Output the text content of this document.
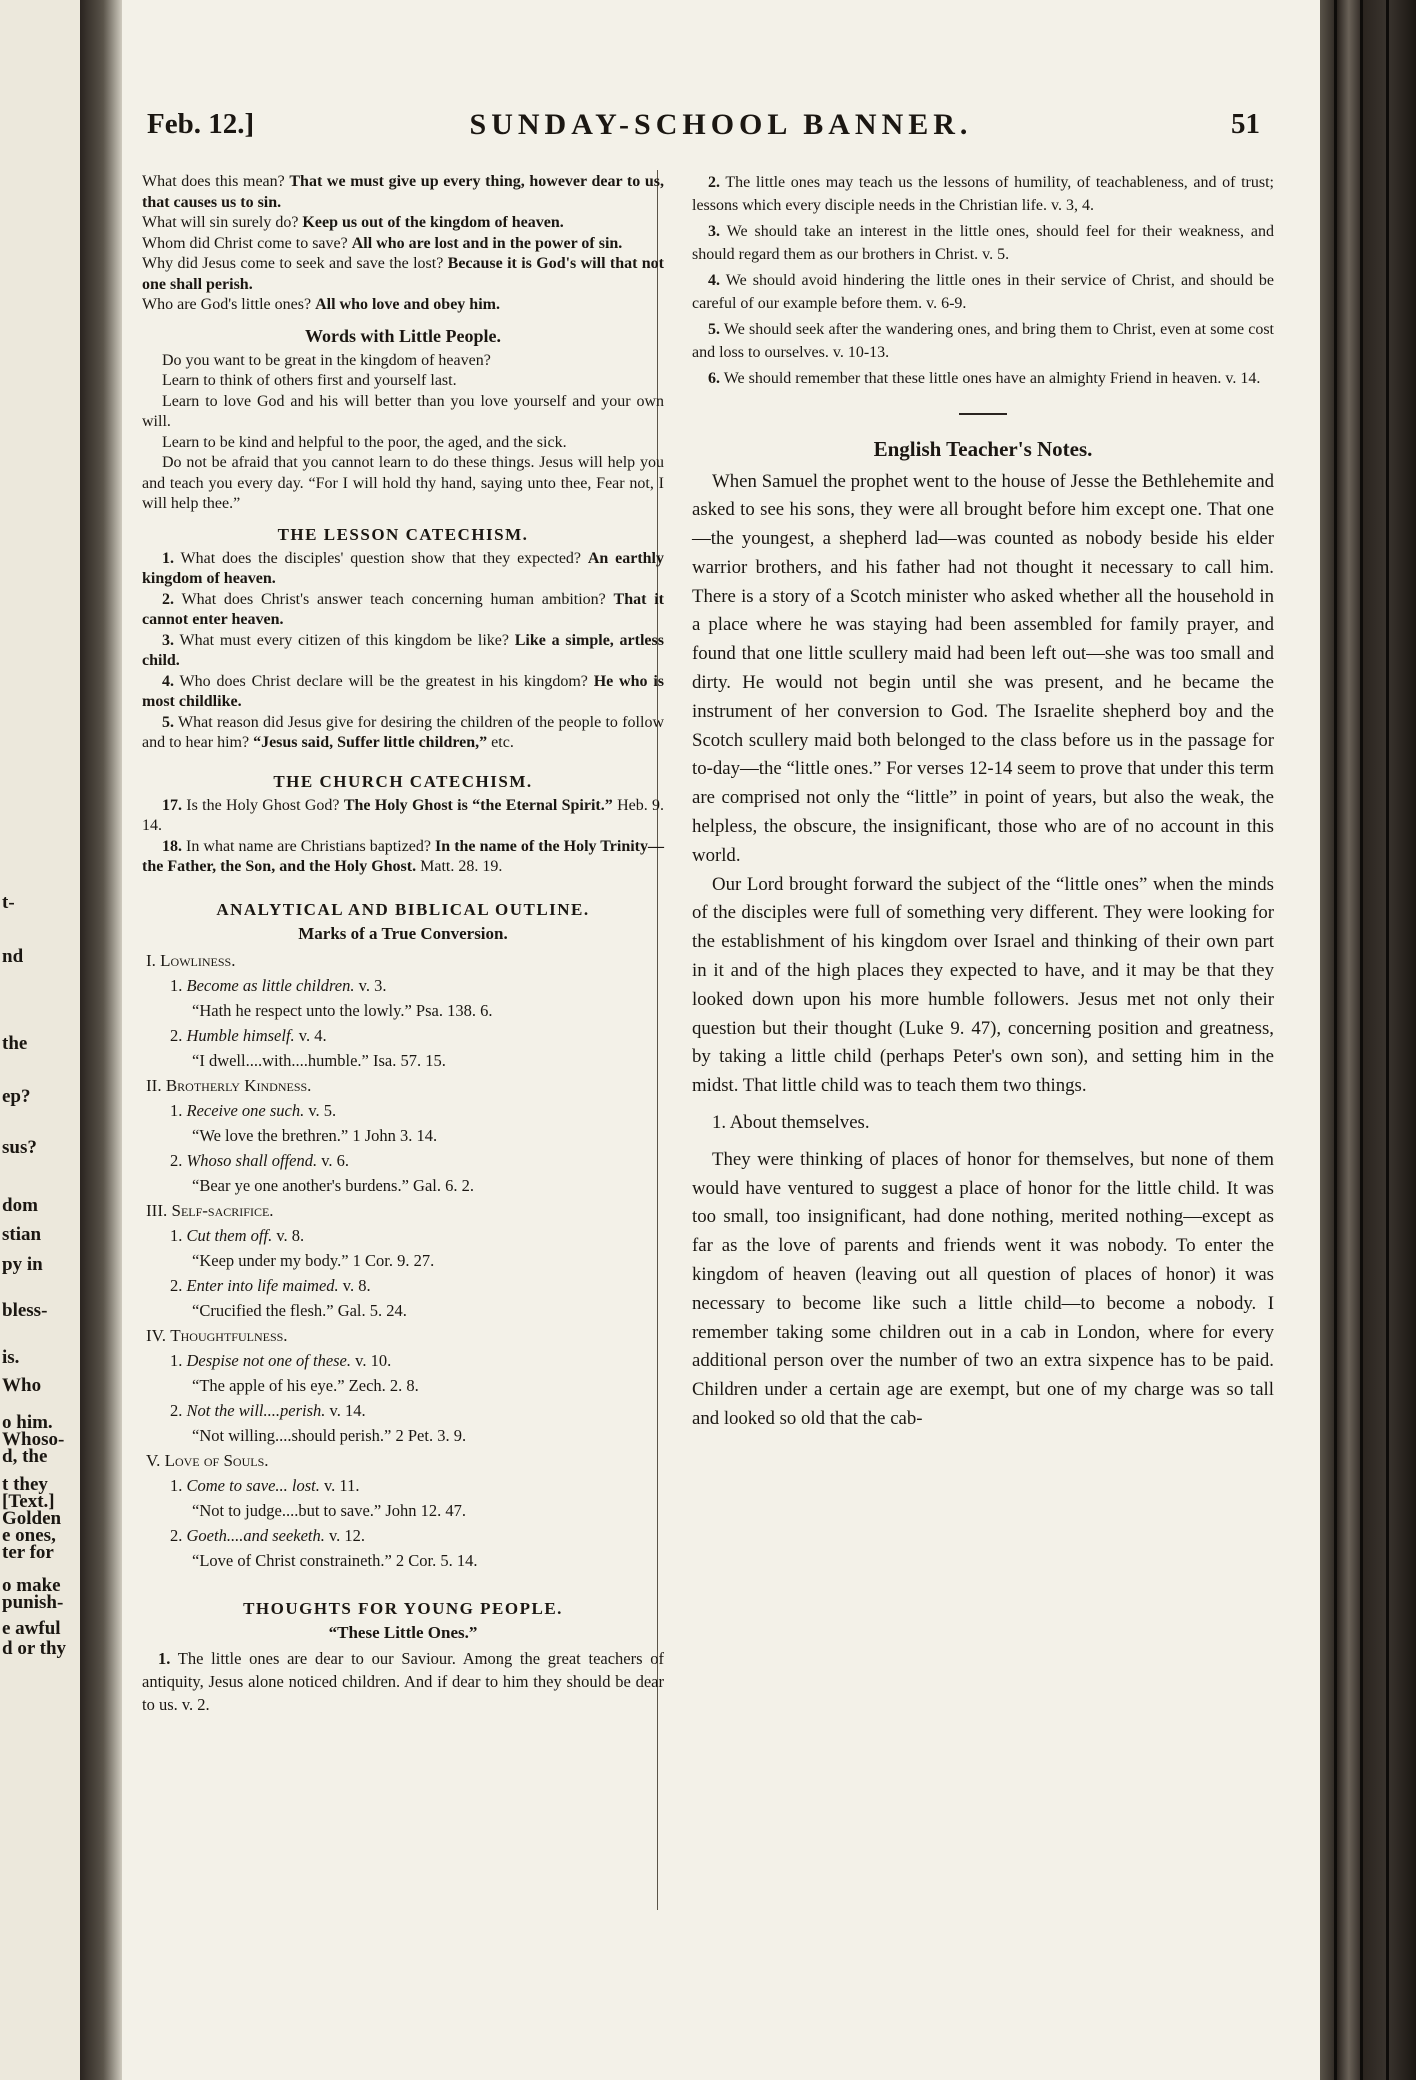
t-
nd
the
ep?
sus?
dom
stian
py in
bless-
is.
Who
o him.
Whoso-
d, the
t they
[Text.]
Golden
e ones,
ter for
o make
punish-
e awful
d or thy
Feb. 12.]	SUNDAY-SCHOOL BANNER.	51

What does this mean? That we must give up every thing, however dear to us, that causes us to sin.

What will sin surely do? Keep us out of the kingdom of heaven.

Whom did Christ come to save? All who are lost and in the power of sin.

Why did Jesus come to seek and save the lost? Because it is God's will that not one shall perish.

Who are God's little ones? All who love and obey him.

Words with Little People.

Do you want to be great in the kingdom of heaven?

Learn to think of others first and yourself last.

Learn to love God and his will better than you love yourself and your own will.

Learn to be kind and helpful to the poor, the aged, and the sick.

Do not be afraid that you cannot learn to do these things. Jesus will help you and teach you every day. “For I will hold thy hand, saying unto thee, Fear not, I will help thee.”

THE LESSON CATECHISM.

1. What does the disciples' question show that they expected? An earthly kingdom of heaven.

2. What does Christ's answer teach concerning human ambition? That it cannot enter heaven.

3. What must every citizen of this kingdom be like? Like a simple, artless child.

4. Who does Christ declare will be the greatest in his kingdom? He who is most childlike.

5. What reason did Jesus give for desiring the children of the people to follow and to hear him? “Jesus said, Suffer little children,” etc.

THE CHURCH CATECHISM.

17. Is the Holy Ghost God? The Holy Ghost is “the Eternal Spirit.” Heb. 9. 14.

18. In what name are Christians baptized? In the name of the Holy Trinity—the Father, the Son, and the Holy Ghost. Matt. 28. 19.

ANALYTICAL AND BIBLICAL OUTLINE.
Marks of a True Conversion.
I. Lowliness.
1. Become as little children. v. 3.
“Hath he respect unto the lowly.” Psa. 138. 6.
2. Humble himself. v. 4.
“I dwell....with....humble.” Isa. 57. 15.
II. Brotherly Kindness.
1. Receive one such. v. 5.
“We love the brethren.” 1 John 3. 14.
2. Whoso shall offend. v. 6.
“Bear ye one another's burdens.” Gal. 6. 2.
III. Self-sacrifice.
1. Cut them off. v. 8.
“Keep under my body.” 1 Cor. 9. 27.
2. Enter into life maimed. v. 8.
“Crucified the flesh.” Gal. 5. 24.
IV. Thoughtfulness.
1. Despise not one of these. v. 10.
“The apple of his eye.” Zech. 2. 8.
2. Not the will....perish. v. 14.
“Not willing....should perish.” 2 Pet. 3. 9.
V. Love of Souls.
1. Come to save... lost. v. 11.
“Not to judge....but to save.” John 12. 47.
2. Goeth....and seeketh. v. 12.
“Love of Christ constraineth.” 2 Cor. 5. 14.
THOUGHTS FOR YOUNG PEOPLE.
“These Little Ones.”

1. The little ones are dear to our Saviour. Among the great teachers of antiquity, Jesus alone noticed children. And if dear to him they should be dear to us. v. 2.

2. The little ones may teach us the lessons of humility, of teachableness, and of trust; lessons which every disciple needs in the Christian life. v. 3, 4.

3. We should take an interest in the little ones, should feel for their weakness, and should regard them as our brothers in Christ. v. 5.

4. We should avoid hindering the little ones in their service of Christ, and should be careful of our example before them. v. 6-9.

5. We should seek after the wandering ones, and bring them to Christ, even at some cost and loss to ourselves. v. 10-13.

6. We should remember that these little ones have an almighty Friend in heaven. v. 14.

English Teacher's Notes.

When Samuel the prophet went to the house of Jesse the Bethlehemite and asked to see his sons, they were all brought before him except one. That one—the youngest, a shepherd lad—was counted as nobody beside his elder warrior brothers, and his father had not thought it necessary to call him. There is a story of a Scotch minister who asked whether all the household in a place where he was staying had been assembled for family prayer, and found that one little scullery maid had been left out—she was too small and dirty. He would not begin until she was present, and he became the instrument of her conversion to God. The Israelite shepherd boy and the Scotch scullery maid both belonged to the class before us in the passage for to-day—the “little ones.” For verses 12-14 seem to prove that under this term are comprised not only the “little” in point of years, but also the weak, the helpless, the obscure, the insignificant, those who are of no account in this world.

Our Lord brought forward the subject of the “little ones” when the minds of the disciples were full of something very different. They were looking for the establishment of his kingdom over Israel and thinking of their own part in it and of the high places they expected to have, and it may be that they looked down upon his more humble followers. Jesus met not only their question but their thought (Luke 9. 47), concerning position and greatness, by taking a little child (perhaps Peter's own son), and setting him in the midst. That little child was to teach them two things.

1. About themselves.

They were thinking of places of honor for themselves, but none of them would have ventured to suggest a place of honor for the little child. It was too small, too insignificant, had done nothing, merited nothing—except as far as the love of parents and friends went it was nobody. To enter the kingdom of heaven (leaving out all question of places of honor) it was necessary to become like such a little child—to become a nobody. I remember taking some children out in a cab in London, where for every additional person over the number of two an extra sixpence has to be paid. Children under a certain age are exempt, but one of my charge was so tall and looked so old that the cab-
